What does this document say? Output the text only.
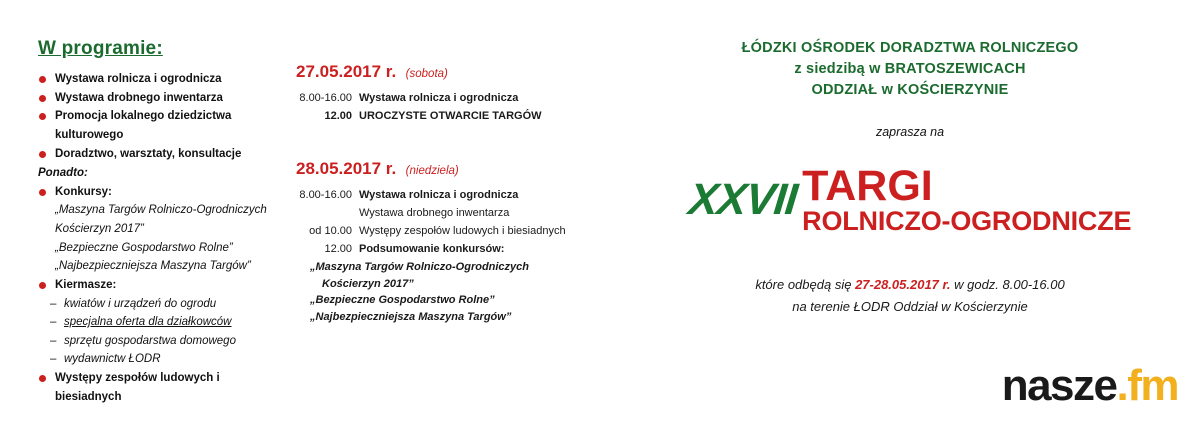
W programie:
Wystawa rolnicza i ogrodnicza
Wystawa drobnego inwentarza
Promocja lokalnego dziedzictwa kulturowego
Doradztwo, warsztaty, konsultacje
Ponadto:
Konkursy:
„Maszyna Targów Rolniczo-Ogrodniczych
Kościerzyn 2017”
„Bezpieczne Gospodarstwo Rolne”
„Najbezpieczniejsza Maszyna Targów”
Kiermasze:
– kwiatów i urządzeń do ogrodu
– specjalna oferta dla działkowców
– sprzętu gospodarstwa domowego
– wydawnictw ŁODR
Występy zespołów ludowych i biesiadnych
27.05.2017 r. (sobota)
8.00-16.00 Wystawa rolnicza i ogrodnicza
12.00 UROCZYSTE OTWARCIE TARGÓW
28.05.2017 r. (niedziela)
8.00-16.00 Wystawa rolnicza i ogrodnicza
Wystawa drobnego inwentarza
od 10.00 Występy zespołów ludowych i biesiadnych
12.00 Podsumowanie konkursów:
„Maszyna Targów Rolniczo-Ogrodniczych
Kościerzyn 2017”
„Bezpieczne Gospodarstwo Rolne”
„Najbezpieczniejsza Maszyna Targów”
ŁÓDZKI OŚRODEK DORADZTWA ROLNICZEGO
z siedzibą w BRATOSZEWICACH
ODDZIAŁ w KOŚCIERZYNIE
zaprasza na
XXVII TARGI
ROLNICZO-OGRODNICZE
które odbędą się 27-28.05.2017 r. w godz. 8.00-16.00
na terenie ŁODR Oddział w Kościerzynie
nasze.fm
